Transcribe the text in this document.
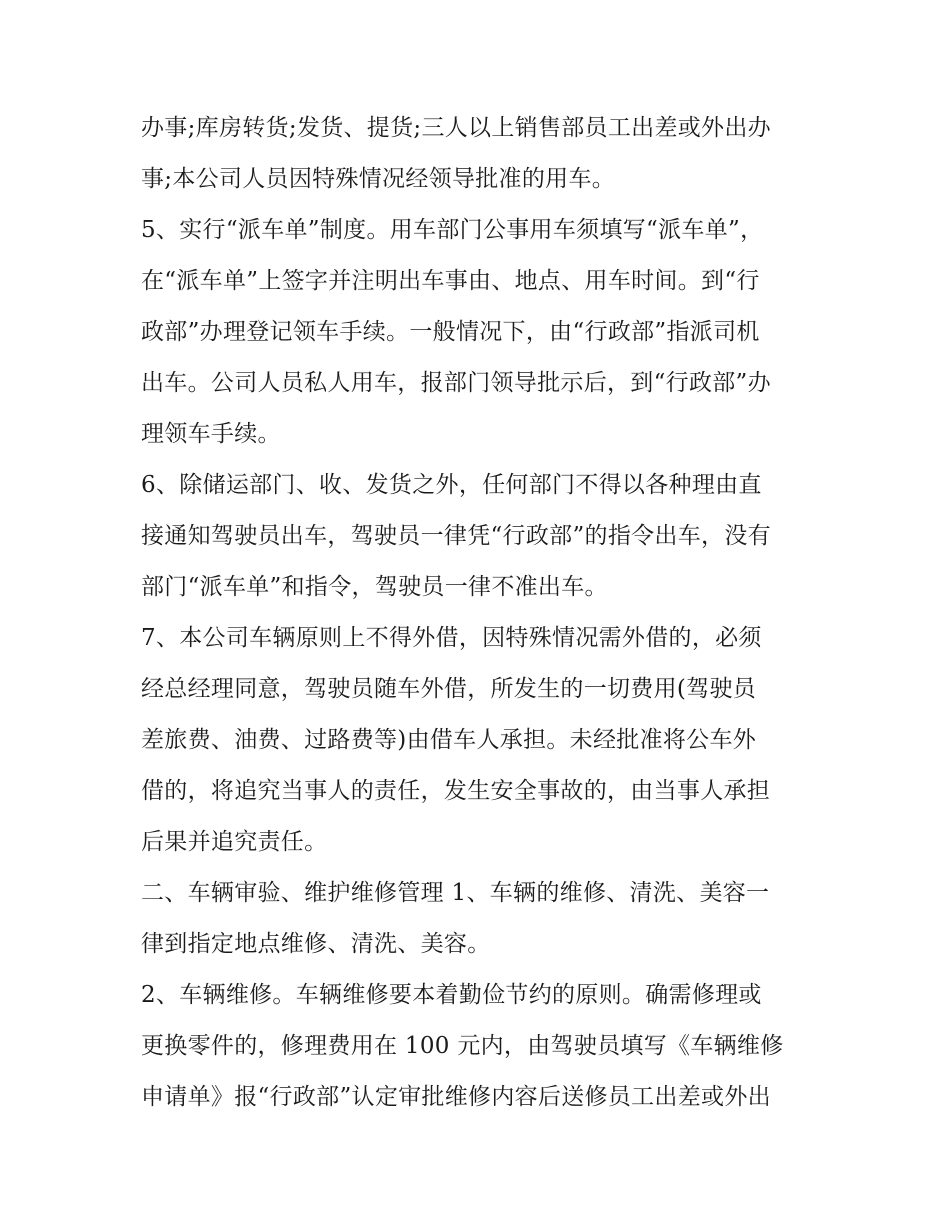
办事;库房转货;发货、提货;三人以上销售部员工出差或外出办
事;本公司人员因特殊情况经领导批准的用车。
5、实行“派车单”制度。用车部门公事用车须填写“派车单”，
在“派车单”上签字并注明出车事由、地点、用车时间。到“行
政部”办理登记领车手续。一般情况下，由“行政部”指派司机
出车。公司人员私人用车，报部门领导批示后，到“行政部”办
理领车手续。
6、除储运部门、收、发货之外，任何部门不得以各种理由直
接通知驾驶员出车，驾驶员一律凭“行政部”的指令出车，没有
部门“派车单”和指令，驾驶员一律不准出车。
7、本公司车辆原则上不得外借，因特殊情况需外借的，必须
经总经理同意，驾驶员随车外借，所发生的一切费用(驾驶员
差旅费、油费、过路费等)由借车人承担。未经批准将公车外
借的，将追究当事人的责任，发生安全事故的，由当事人承担
后果并追究责任。
二、车辆审验、维护维修管理 1、车辆的维修、清洗、美容一
律到指定地点维修、清洗、美容。
2、车辆维修。车辆维修要本着勤俭节约的原则。确需修理或
更换零件的，修理费用在 100 元内，由驾驶员填写《车辆维修
申请单》报“行政部”认定审批维修内容后送修员工出差或外出
